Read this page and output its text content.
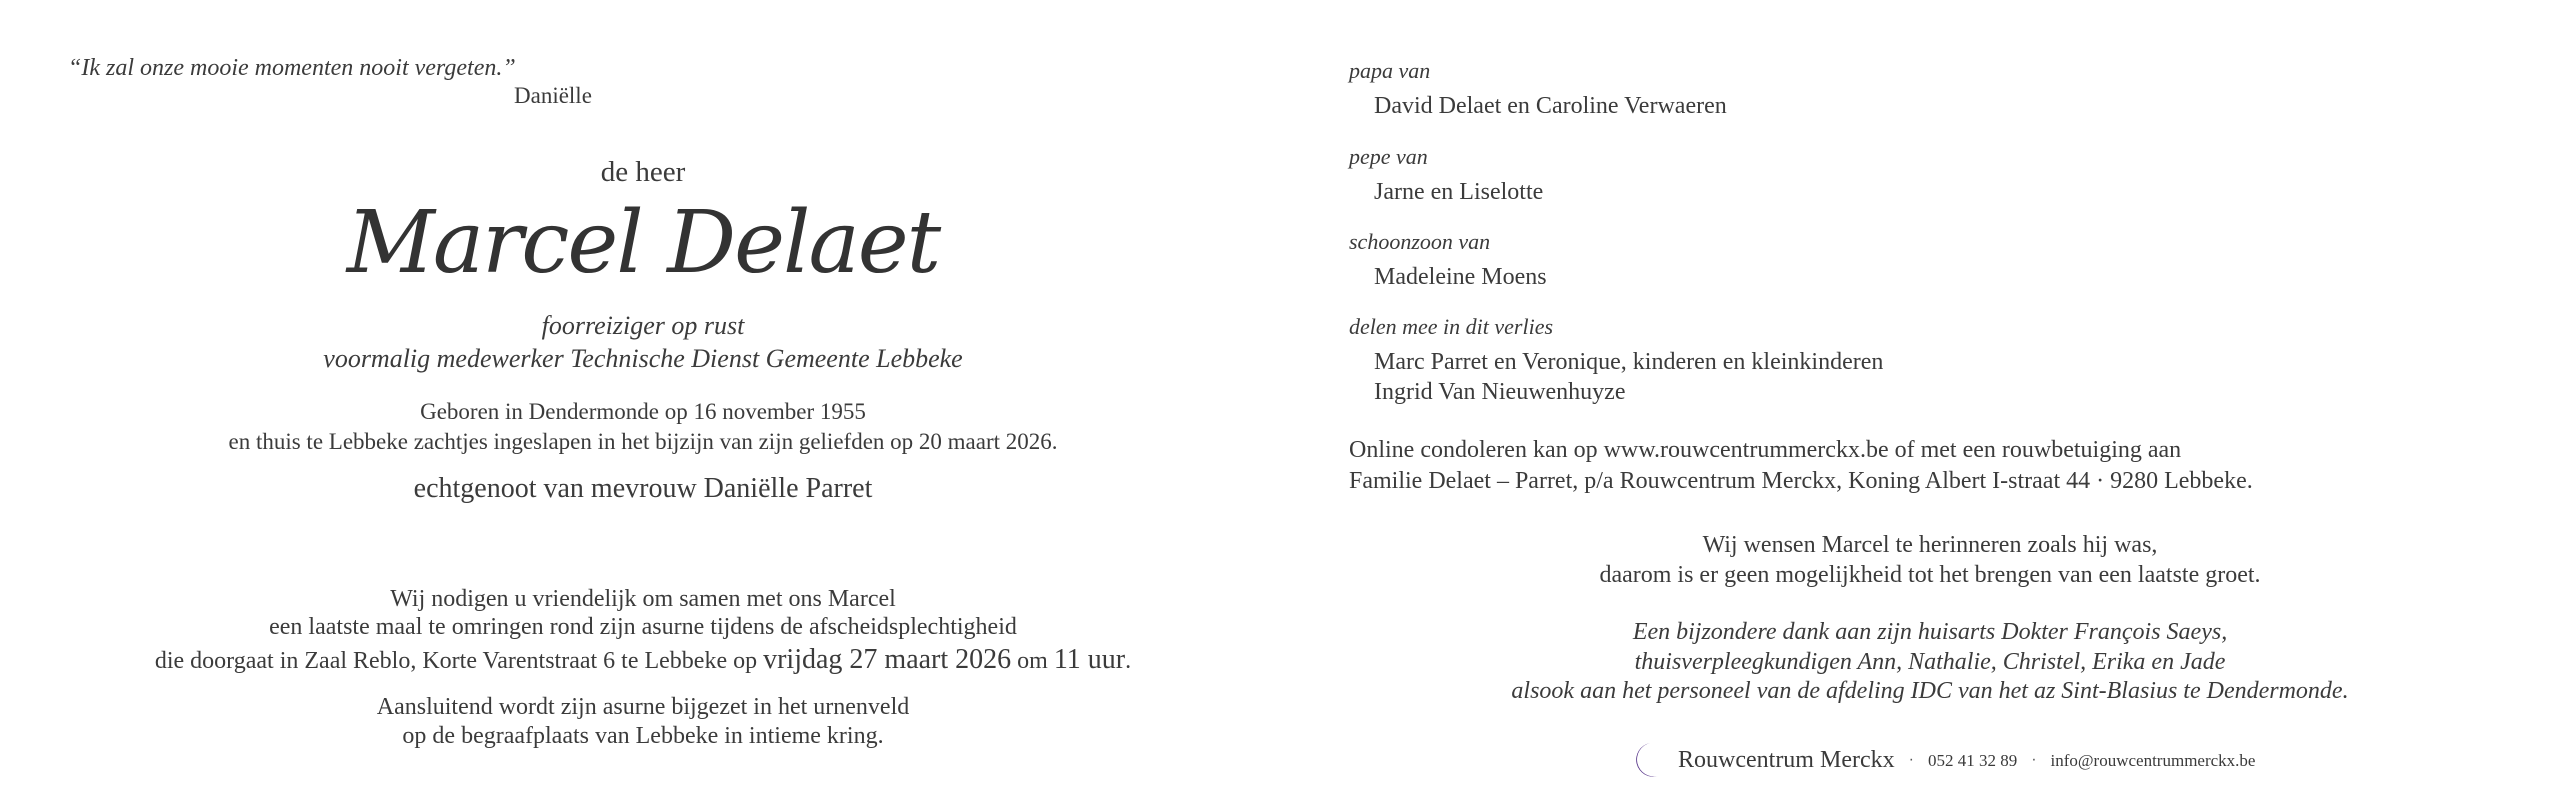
“Ik zal onze mooie momenten nooit vergeten.”
Daniëlle
de heer
Marcel Delaet
foorreiziger op rust
voormalig medewerker Technische Dienst Gemeente Lebbeke
Geboren in Dendermonde op 16 november 1955
en thuis te Lebbeke zachtjes ingeslapen in het bijzijn van zijn geliefden op 20 maart 2026.
echtgenoot van mevrouw Daniëlle Parret
Wij nodigen u vriendelijk om samen met ons Marcel
een laatste maal te omringen rond zijn asurne tijdens de afscheidsplechtigheid
die doorgaat in Zaal Reblo, Korte Varentstraat 6 te Lebbeke op vrijdag 27 maart 2026 om 11 uur.
Aansluitend wordt zijn asurne bijgezet in het urnenveld
op de begraafplaats van Lebbeke in intieme kring.
papa van
David Delaet en Caroline Verwaeren
pepe van
Jarne en Liselotte
schoonzoon van
Madeleine Moens
delen mee in dit verlies
Marc Parret en Veronique, kinderen en kleinkinderen
Ingrid Van Nieuwenhuyze
Online condoleren kan op www.rouwcentrummerckx.be of met een rouwbetuiging aan
Familie Delaet – Parret, p/a Rouwcentrum Merckx, Koning Albert I-straat 44 · 9280 Lebbeke.
Wij wensen Marcel te herinneren zoals hij was,
daarom is er geen mogelijkheid tot het brengen van een laatste groet.
Een bijzondere dank aan zijn huisarts Dokter François Saeys,
thuisverpleegkundigen Ann, Nathalie, Christel, Erika en Jade
alsook aan het personeel van de afdeling IDC van het az Sint-Blasius te Dendermonde.
Rouwcentrum Merckx · 052 41 32 89 · info@rouwcentrummerckx.be
